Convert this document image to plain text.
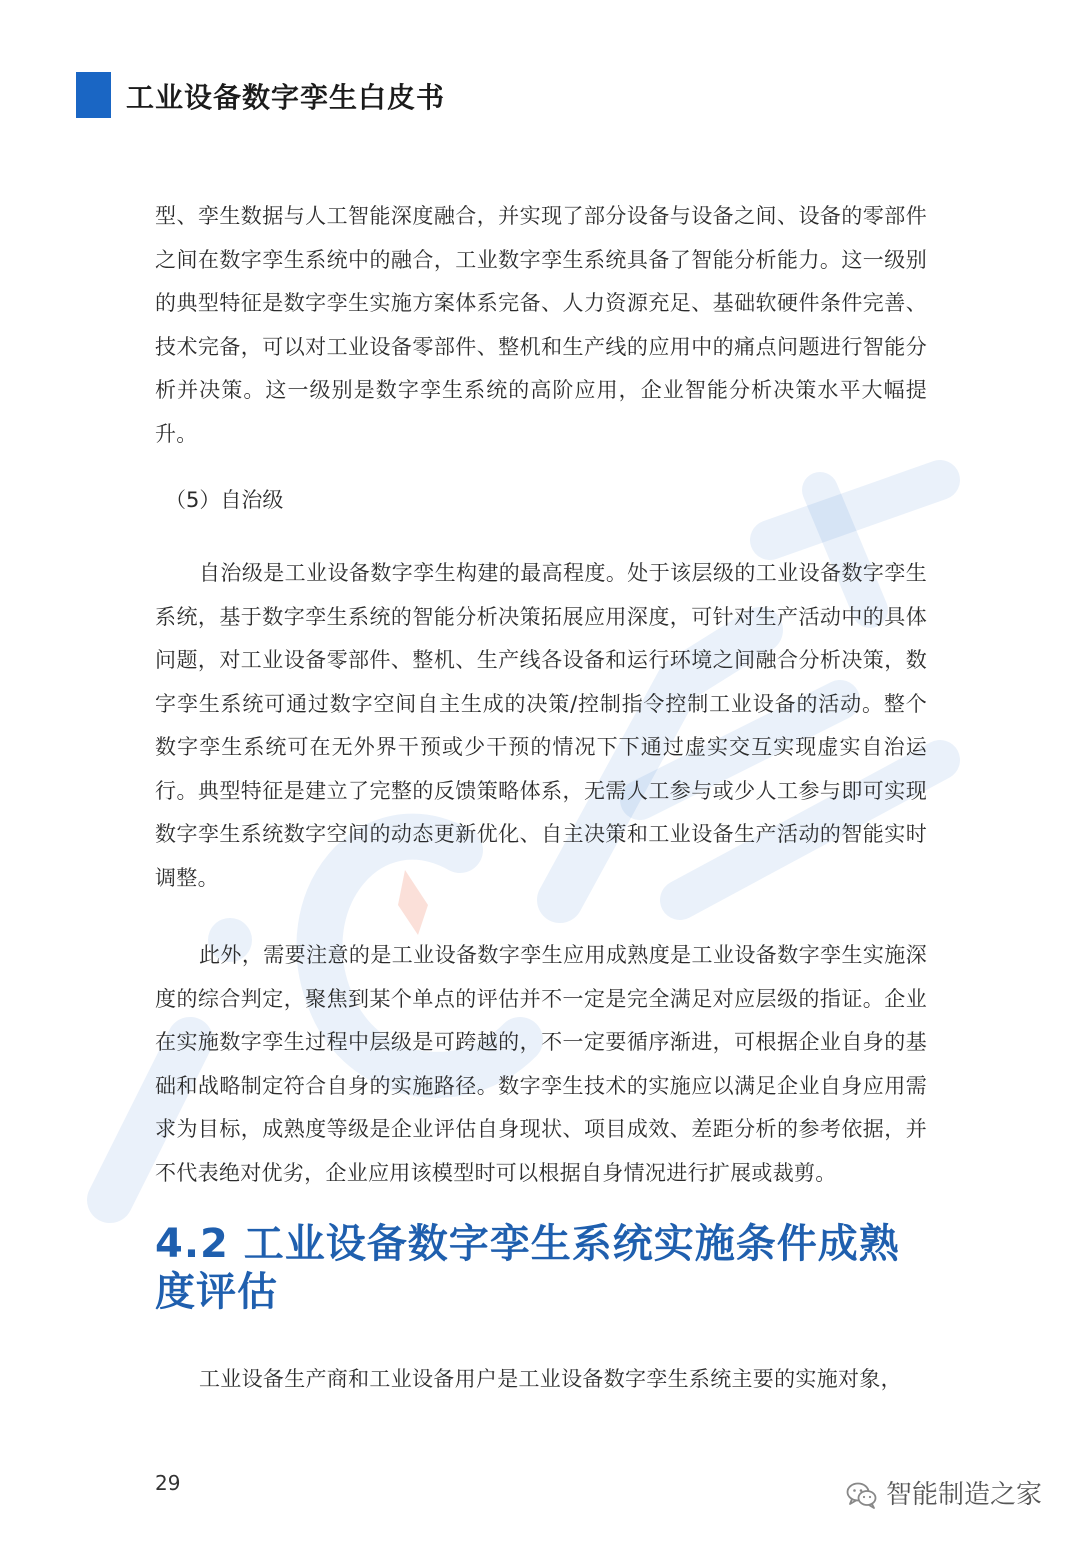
工业设备数字孪生白皮书

型、孪生数据与人工智能深度融合，并实现了部分设备与设备之间、设备的零部件之间在数字孪生系统中的融合，工业数字孪生系统具备了智能分析能力。这一级别的典型特征是数字孪生实施方案体系完备、人力资源充足、基础软硬件条件完善、技术完备，可以对工业设备零部件、整机和生产线的应用中的痛点问题进行智能分析并决策。这一级别是数字孪生系统的高阶应用，企业智能分析决策水平大幅提升。

（5）自治级

自治级是工业设备数字孪生构建的最高程度。处于该层级的工业设备数字孪生系统，基于数字孪生系统的智能分析决策拓展应用深度，可针对生产活动中的具体问题，对工业设备零部件、整机、生产线各设备和运行环境之间融合分析决策，数字孪生系统可通过数字空间自主生成的决策/控制指令控制工业设备的活动。整个数字孪生系统可在无外界干预或少干预的情况下下通过虚实交互实现虚实自治运行。典型特征是建立了完整的反馈策略体系，无需人工参与或少人工参与即可实现数字孪生系统数字空间的动态更新优化、自主决策和工业设备生产活动的智能实时调整。

此外，需要注意的是工业设备数字孪生应用成熟度是工业设备数字孪生实施深度的综合判定，聚焦到某个单点的评估并不一定是完全满足对应层级的指证。企业在实施数字孪生过程中层级是可跨越的，不一定要循序渐进，可根据企业自身的基础和战略制定符合自身的实施路径。数字孪生技术的实施应以满足企业自身应用需求为目标，成熟度等级是企业评估自身现状、项目成效、差距分析的参考依据，并不代表绝对优劣，企业应用该模型时可以根据自身情况进行扩展或裁剪。

4.2 工业设备数字孪生系统实施条件成熟度评估

工业设备生产商和工业设备用户是工业设备数字孪生系统主要的实施对象，

29	智能制造之家
